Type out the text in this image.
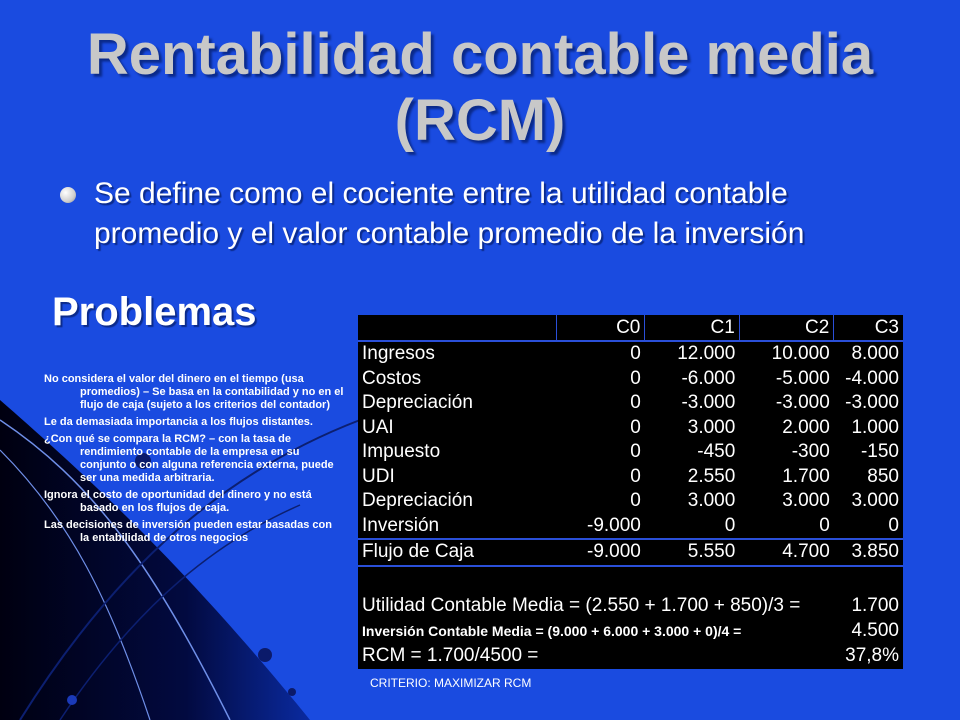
Rentabilidad contable media (RCM)
Se define como el cociente entre la utilidad contable promedio y el valor contable promedio de la inversión
Problemas
No considera el valor del dinero en el tiempo (usa promedios) – Se basa en la contabilidad y no en el flujo de caja (sujeto a los criterios del contador)
Le da demasiada importancia a los flujos distantes.
¿Con qué se compara la RCM? – con la tasa de rendimiento contable de la empresa en su conjunto o con alguna referencia externa, puede ser una medida arbitraria.
Ignora el costo de oportunidad del dinero y no está basado en los flujos de caja.
Las decisiones de inversión pueden estar basadas con la entabilidad de otros negocios
	C0	C1	C2	C3
Ingresos	0	12.000	10.000	8.000
Costos	0	-6.000	-5.000	-4.000
Depreciación	0	-3.000	-3.000	-3.000
UAI	0	3.000	2.000	1.000
Impuesto	0	-450	-300	-150
UDI	0	2.550	1.700	850
Depreciación	0	3.000	3.000	3.000
Inversión	-9.000	0	0	0
Flujo de Caja	-9.000	5.550	4.700	3.850

Utilidad Contable Media = (2.550 + 1.700 + 850)/3 =				1.700
Inversión Contable Media = (9.000 + 6.000 + 3.000 + 0)/4 =				4.500
RCM = 1.700/4500 =				37,8%
CRITERIO: MAXIMIZAR RCM
